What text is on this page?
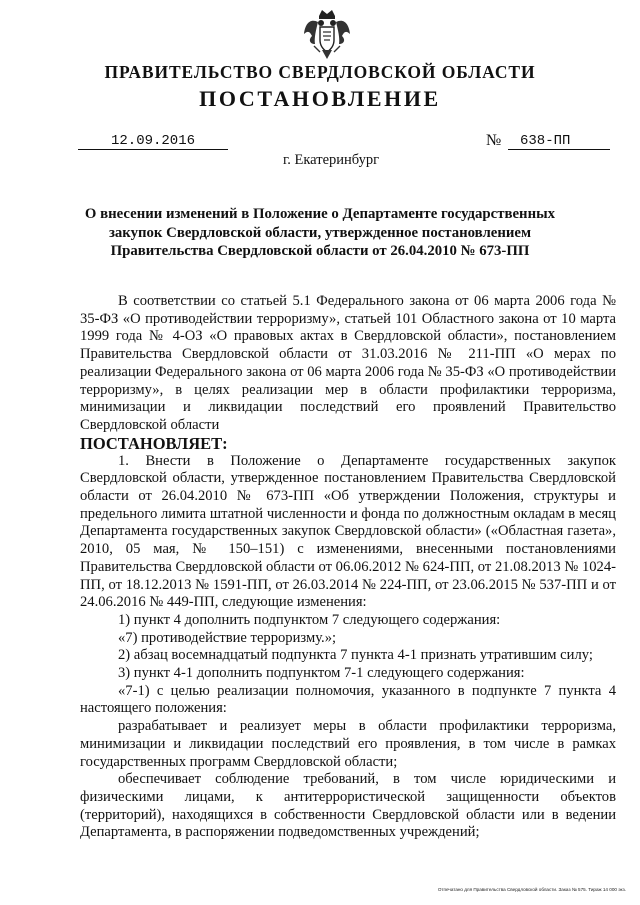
ПРАВИТЕЛЬСТВО СВЕРДЛОВСКОЙ ОБЛАСТИ
ПОСТАНОВЛЕНИЕ
12.09.2016	№	638-ПП
г. Екатеринбург
О внесении изменений в Положение о Департаменте государственных
закупок Свердловской области, утвержденное постановлением
Правительства Свердловской области от 26.04.2010 № 673-ПП

В соответствии со статьей 5.1 Федерального закона от 06 марта 2006 года № 35-ФЗ «О противодействии терроризму», статьей 101 Областного закона от 10 марта 1999 года № 4-ОЗ «О правовых актах в Свердловской области», постановлением Правительства Свердловской области от 31.03.2016 № 211-ПП «О мерах по реализации Федерального закона от 06 марта 2006 года № 35-ФЗ «О противодействии терроризму», в целях реализации мер в области профилактики терроризма, минимизации и ликвидации последствий его проявлений Правительство Свердловской области

ПОСТАНОВЛЯЕТ:

1. Внести в Положение о Департаменте государственных закупок Свердловской области, утвержденное постановлением Правительства Свердловской области от 26.04.2010 № 673-ПП «Об утверждении Положения, структуры и предельного лимита штатной численности и фонда по должностным окладам в месяц Департамента государственных закупок Свердловской области» («Областная газета», 2010, 05 мая, № 150–151) с изменениями, внесенными постановлениями Правительства Свердловской области от 06.06.2012 № 624-ПП, от 21.08.2013 № 1024-ПП, от 18.12.2013 № 1591-ПП, от 26.03.2014 № 224-ПП, от 23.06.2015 № 537-ПП и от 24.06.2016 № 449-ПП, следующие изменения:

1) пункт 4 дополнить подпунктом 7 следующего содержания:

«7) противодействие терроризму.»;

2) абзац восемнадцатый подпункта 7 пункта 4-1 признать утратившим силу;

3) пункт 4-1 дополнить подпунктом 7-1 следующего содержания:

«7-1) с целью реализации полномочия, указанного в подпункте 7 пункта 4 настоящего положения:

разрабатывает и реализует меры в области профилактики терроризма, минимизации и ликвидации последствий его проявления, в том числе в рамках государственных программ Свердловской области;

обеспечивает соблюдение требований, в том числе юридическими и физическими лицами, к антитеррористической защищенности объектов (территорий), находящихся в собственности Свердловской области или в ведении Департамента, в распоряжении подведомственных учреждений;

Отпечатано для Правительства Свердловской области. Заказ № 575. Тираж 14 000 экз.
